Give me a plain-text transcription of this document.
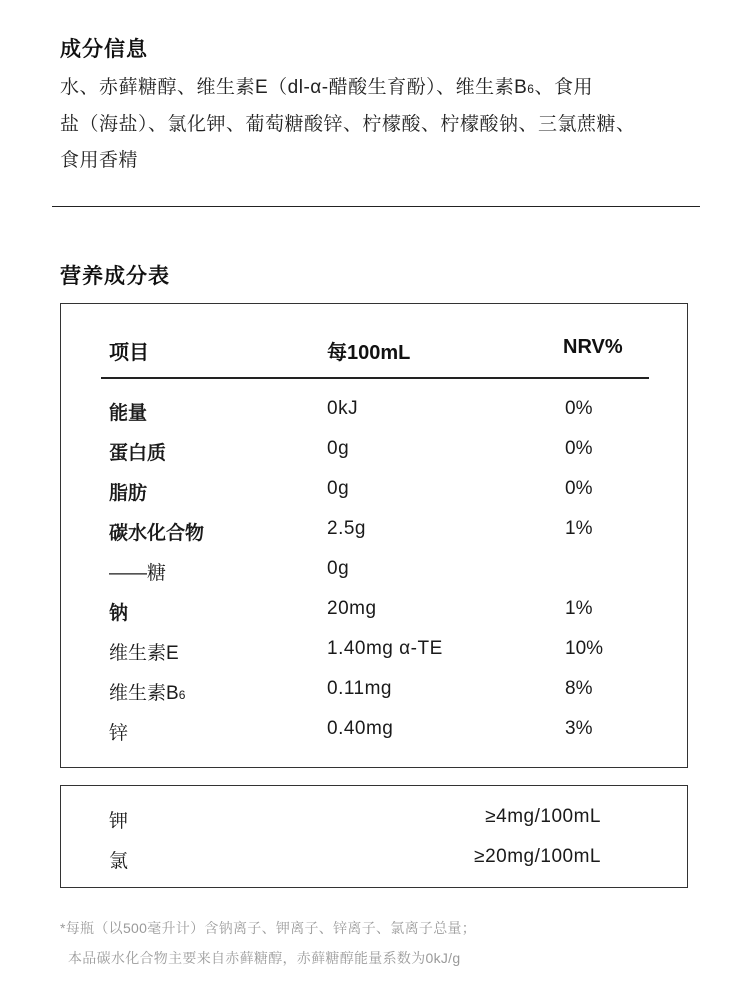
成分信息
水、赤藓糖醇、维生素E（dl-α-醋酸生育酚）、维生素B6、食用
盐（海盐）、氯化钾、葡萄糖酸锌、柠檬酸、柠檬酸钠、三氯蔗糖、
食用香精
营养成分表
项目	每100mL	NRV%
能量	0kJ	0%
蛋白质	0g	0%
脂肪	0g	0%
碳水化合物	2.5g	1%
——糖	0g
钠	20mg	1%
维生素E	1.40mg α-TE	10%
维生素B6	0.11mg	8%
锌	0.40mg	3%
钾	≥4mg/100mL
氯	≥20mg/100mL
*每瓶（以500毫升计）含钠离子、钾离子、锌离子、氯离子总量；
本品碳水化合物主要来自赤藓糖醇，赤藓糖醇能量系数为0kJ/g
